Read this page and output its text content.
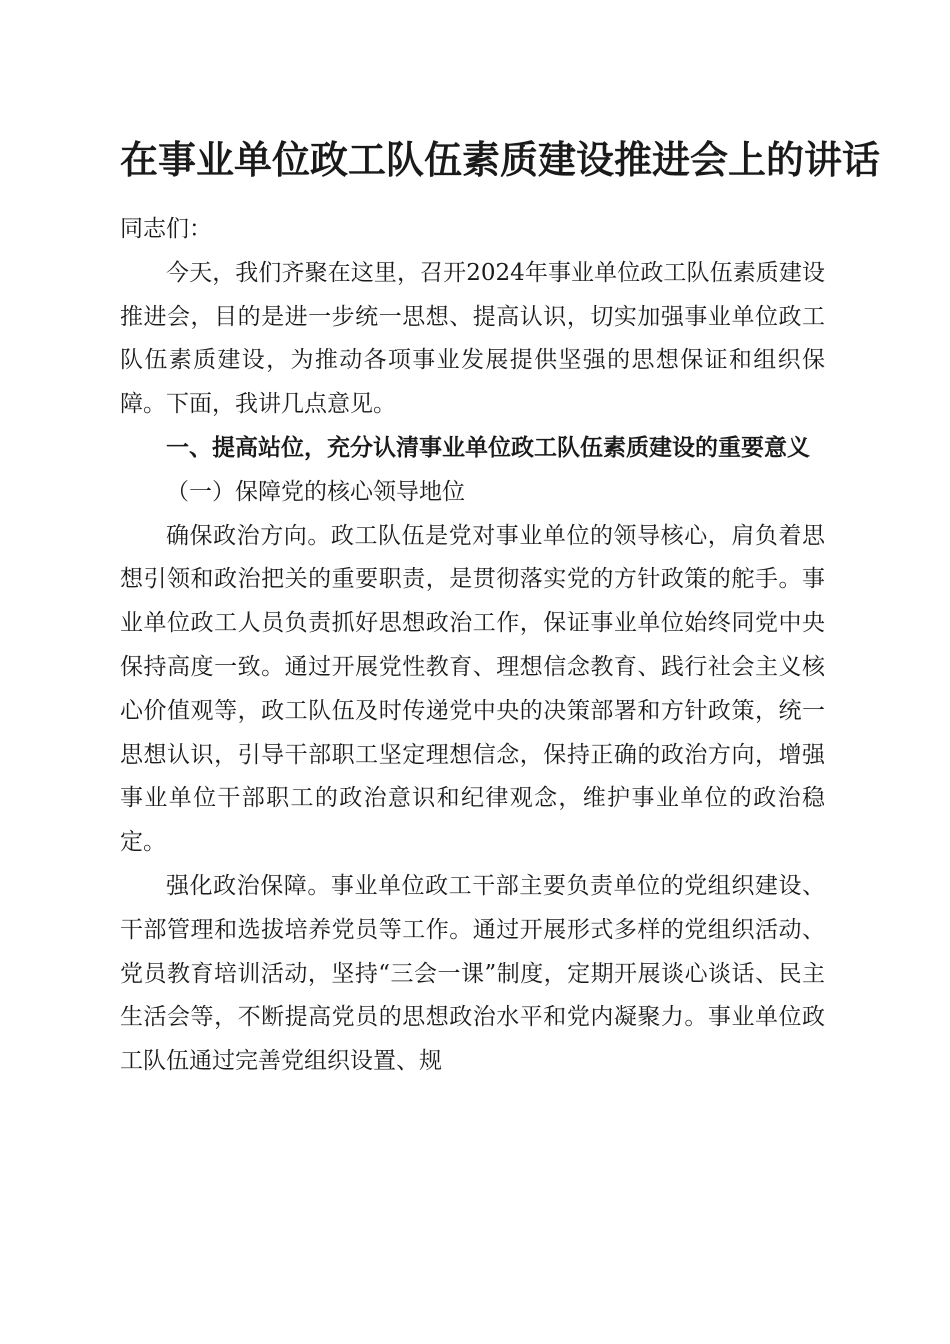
在事业单位政工队伍素质建设推进会上的讲话

同志们：

今天，我们齐聚在这里，召开2024年事业单位政工队伍素质建设推进会，目的是进一步统一思想、提高认识，切实加强事业单位政工队伍素质建设，为推动各项事业发展提供坚强的思想保证和组织保障。下面，我讲几点意见。

一、提高站位，充分认清事业单位政工队伍素质建设的重要意义

（一）保障党的核心领导地位

确保政治方向。政工队伍是党对事业单位的领导核心，肩负着思想引领和政治把关的重要职责，是贯彻落实党的方针政策的舵手。事业单位政工人员负责抓好思想政治工作，保证事业单位始终同党中央保持高度一致。通过开展党性教育、理想信念教育、践行社会主义核心价值观等，政工队伍及时传递党中央的决策部署和方针政策，统一思想认识，引导干部职工坚定理想信念，保持正确的政治方向，增强事业单位干部职工的政治意识和纪律观念，维护事业单位的政治稳定。

强化政治保障。事业单位政工干部主要负责单位的党组织建设、干部管理和选拔培养党员等工作。通过开展形式多样的党组织活动、党员教育培训活动，坚持“三会一课”制度，定期开展谈心谈话、民主生活会等，不断提高党员的思想政治水平和党内凝聚力。事业单位政工队伍通过完善党组织设置、规
